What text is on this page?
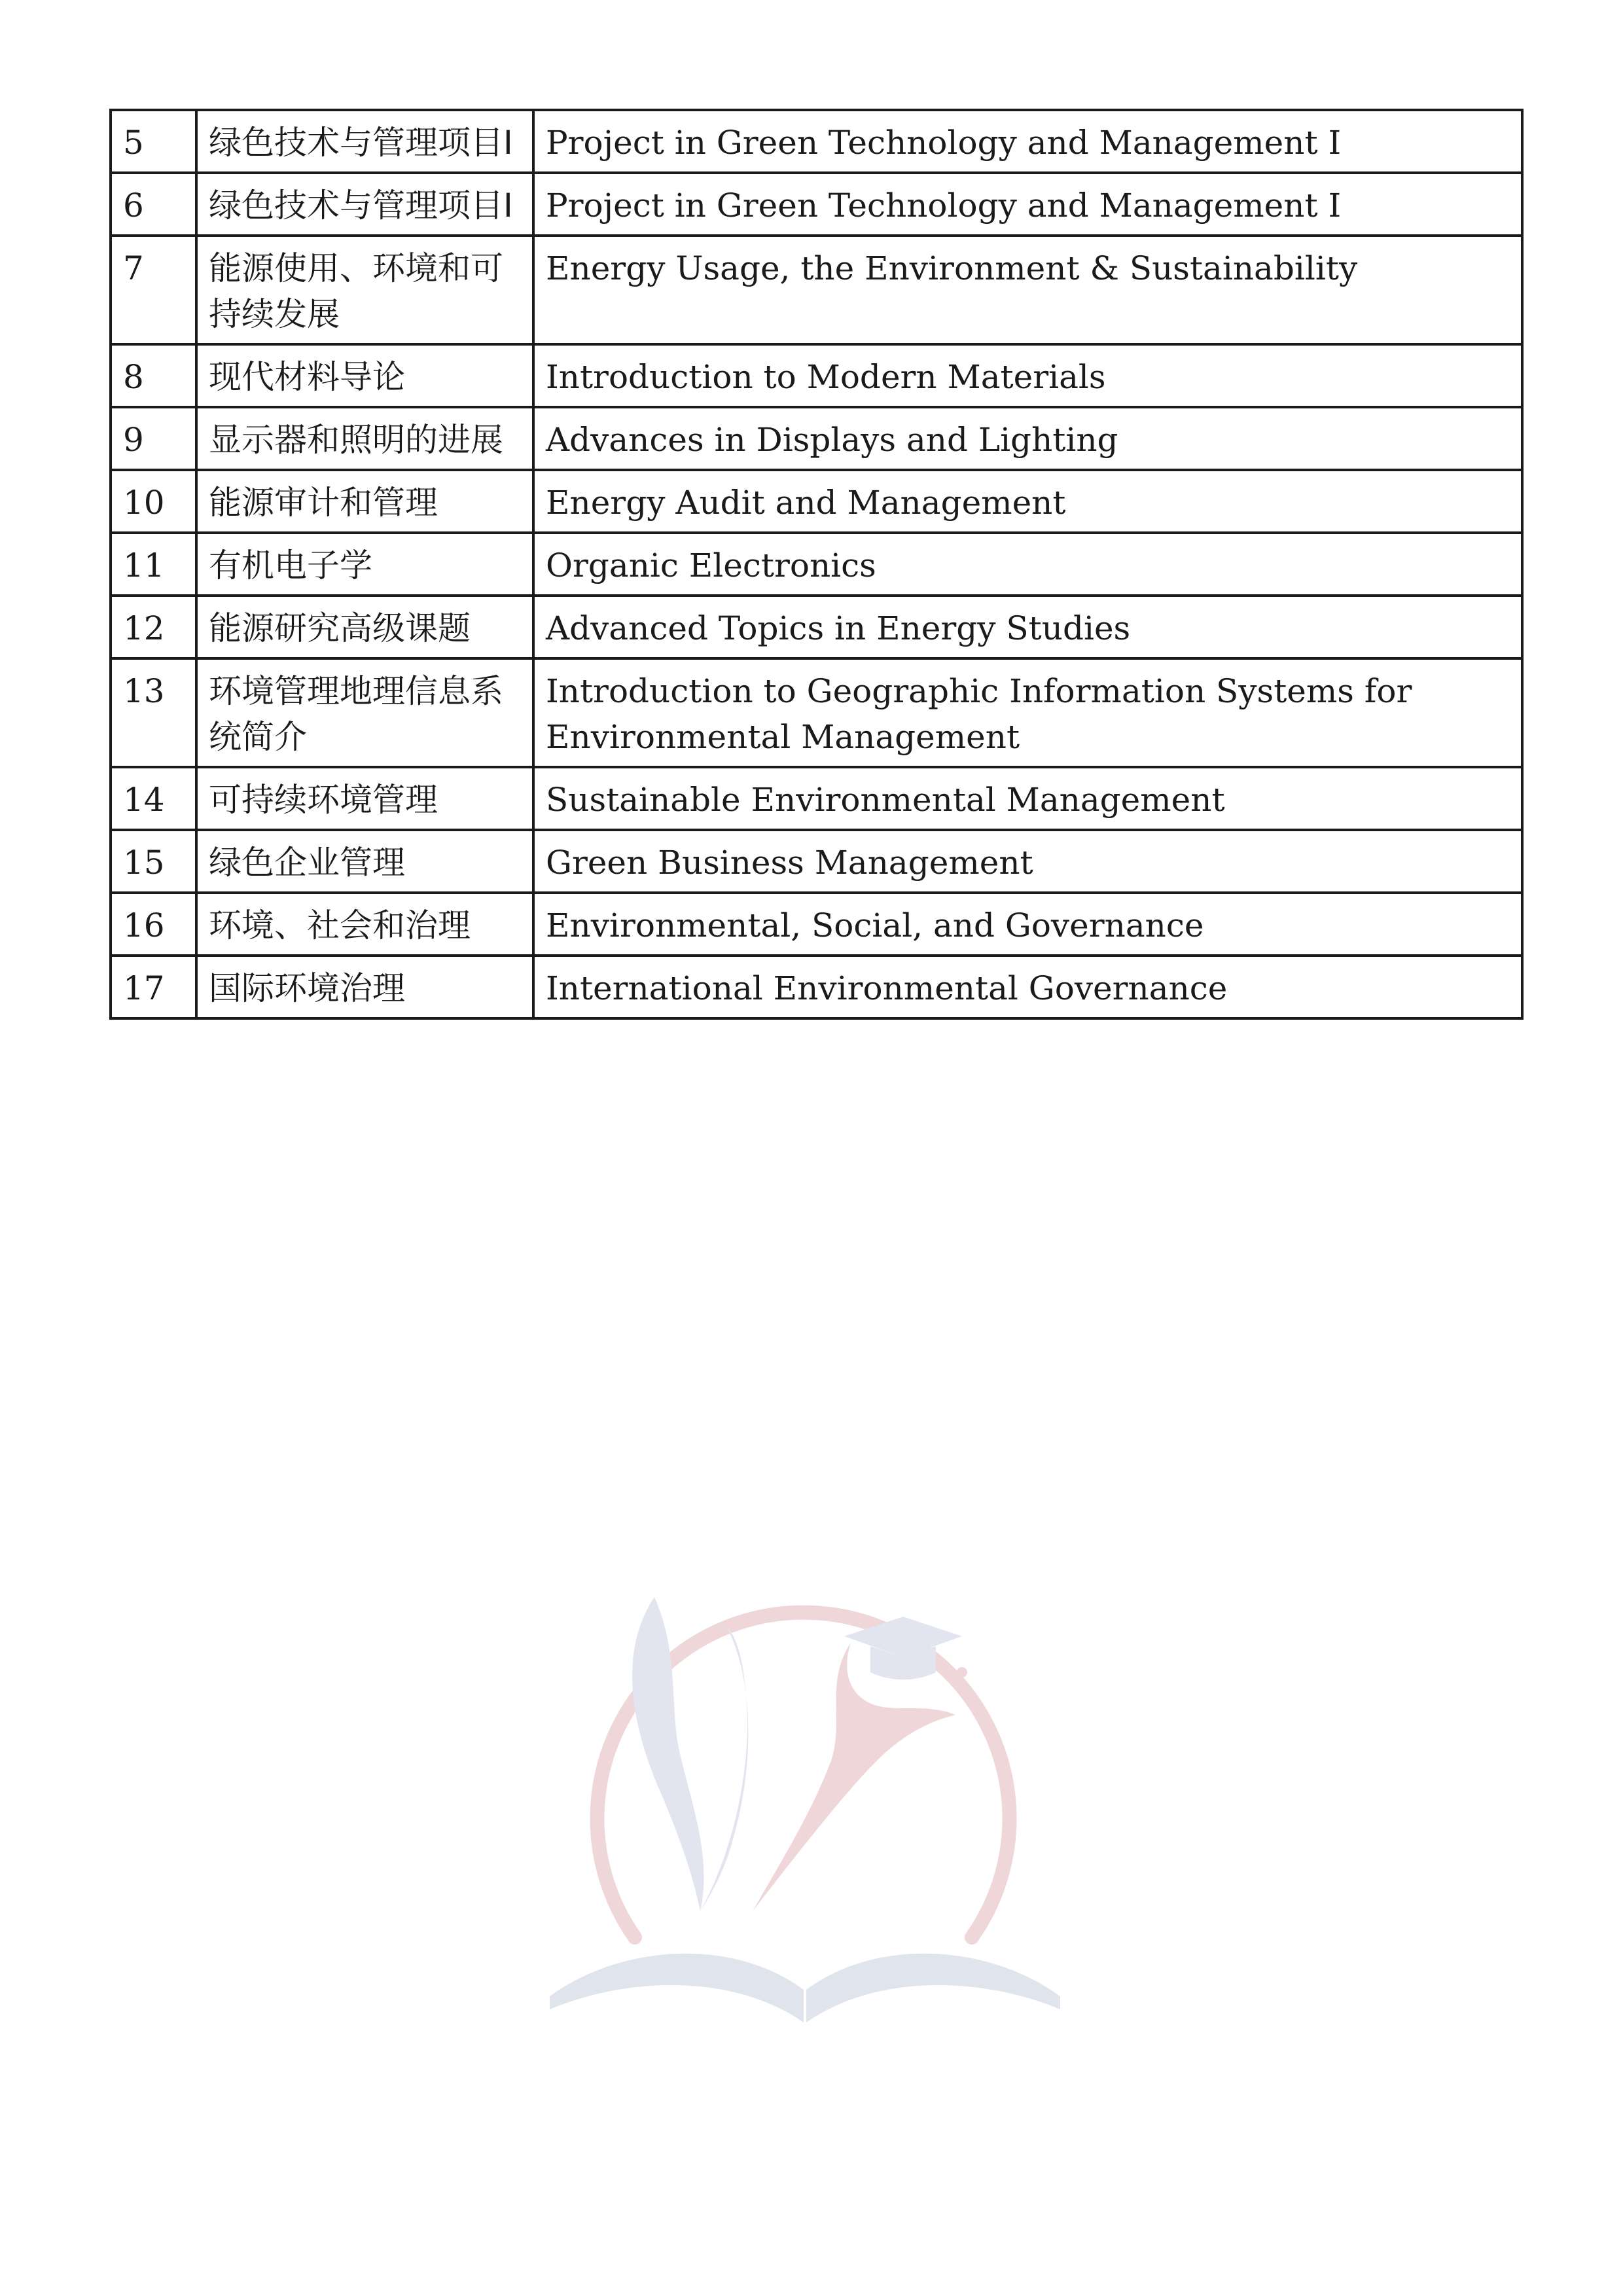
5	绿色技术与管理项目I	Project in Green Technology and Management I
6	绿色技术与管理项目I	Project in Green Technology and Management I
7	能源使用、环境和可持续发展	Energy Usage, the Environment & Sustainability
8	现代材料导论	Introduction to Modern Materials
9	显示器和照明的进展	Advances in Displays and Lighting
10	能源审计和管理	Energy Audit and Management
11	有机电子学	Organic Electronics
12	能源研究高级课题	Advanced Topics in Energy Studies
13	环境管理地理信息系统简介	Introduction to Geographic Information Systems for Environmental Management
14	可持续环境管理	Sustainable Environmental Management
15	绿色企业管理	Green Business Management
16	环境、社会和治理	Environmental, Social, and Governance
17	国际环境治理	International Environmental Governance
